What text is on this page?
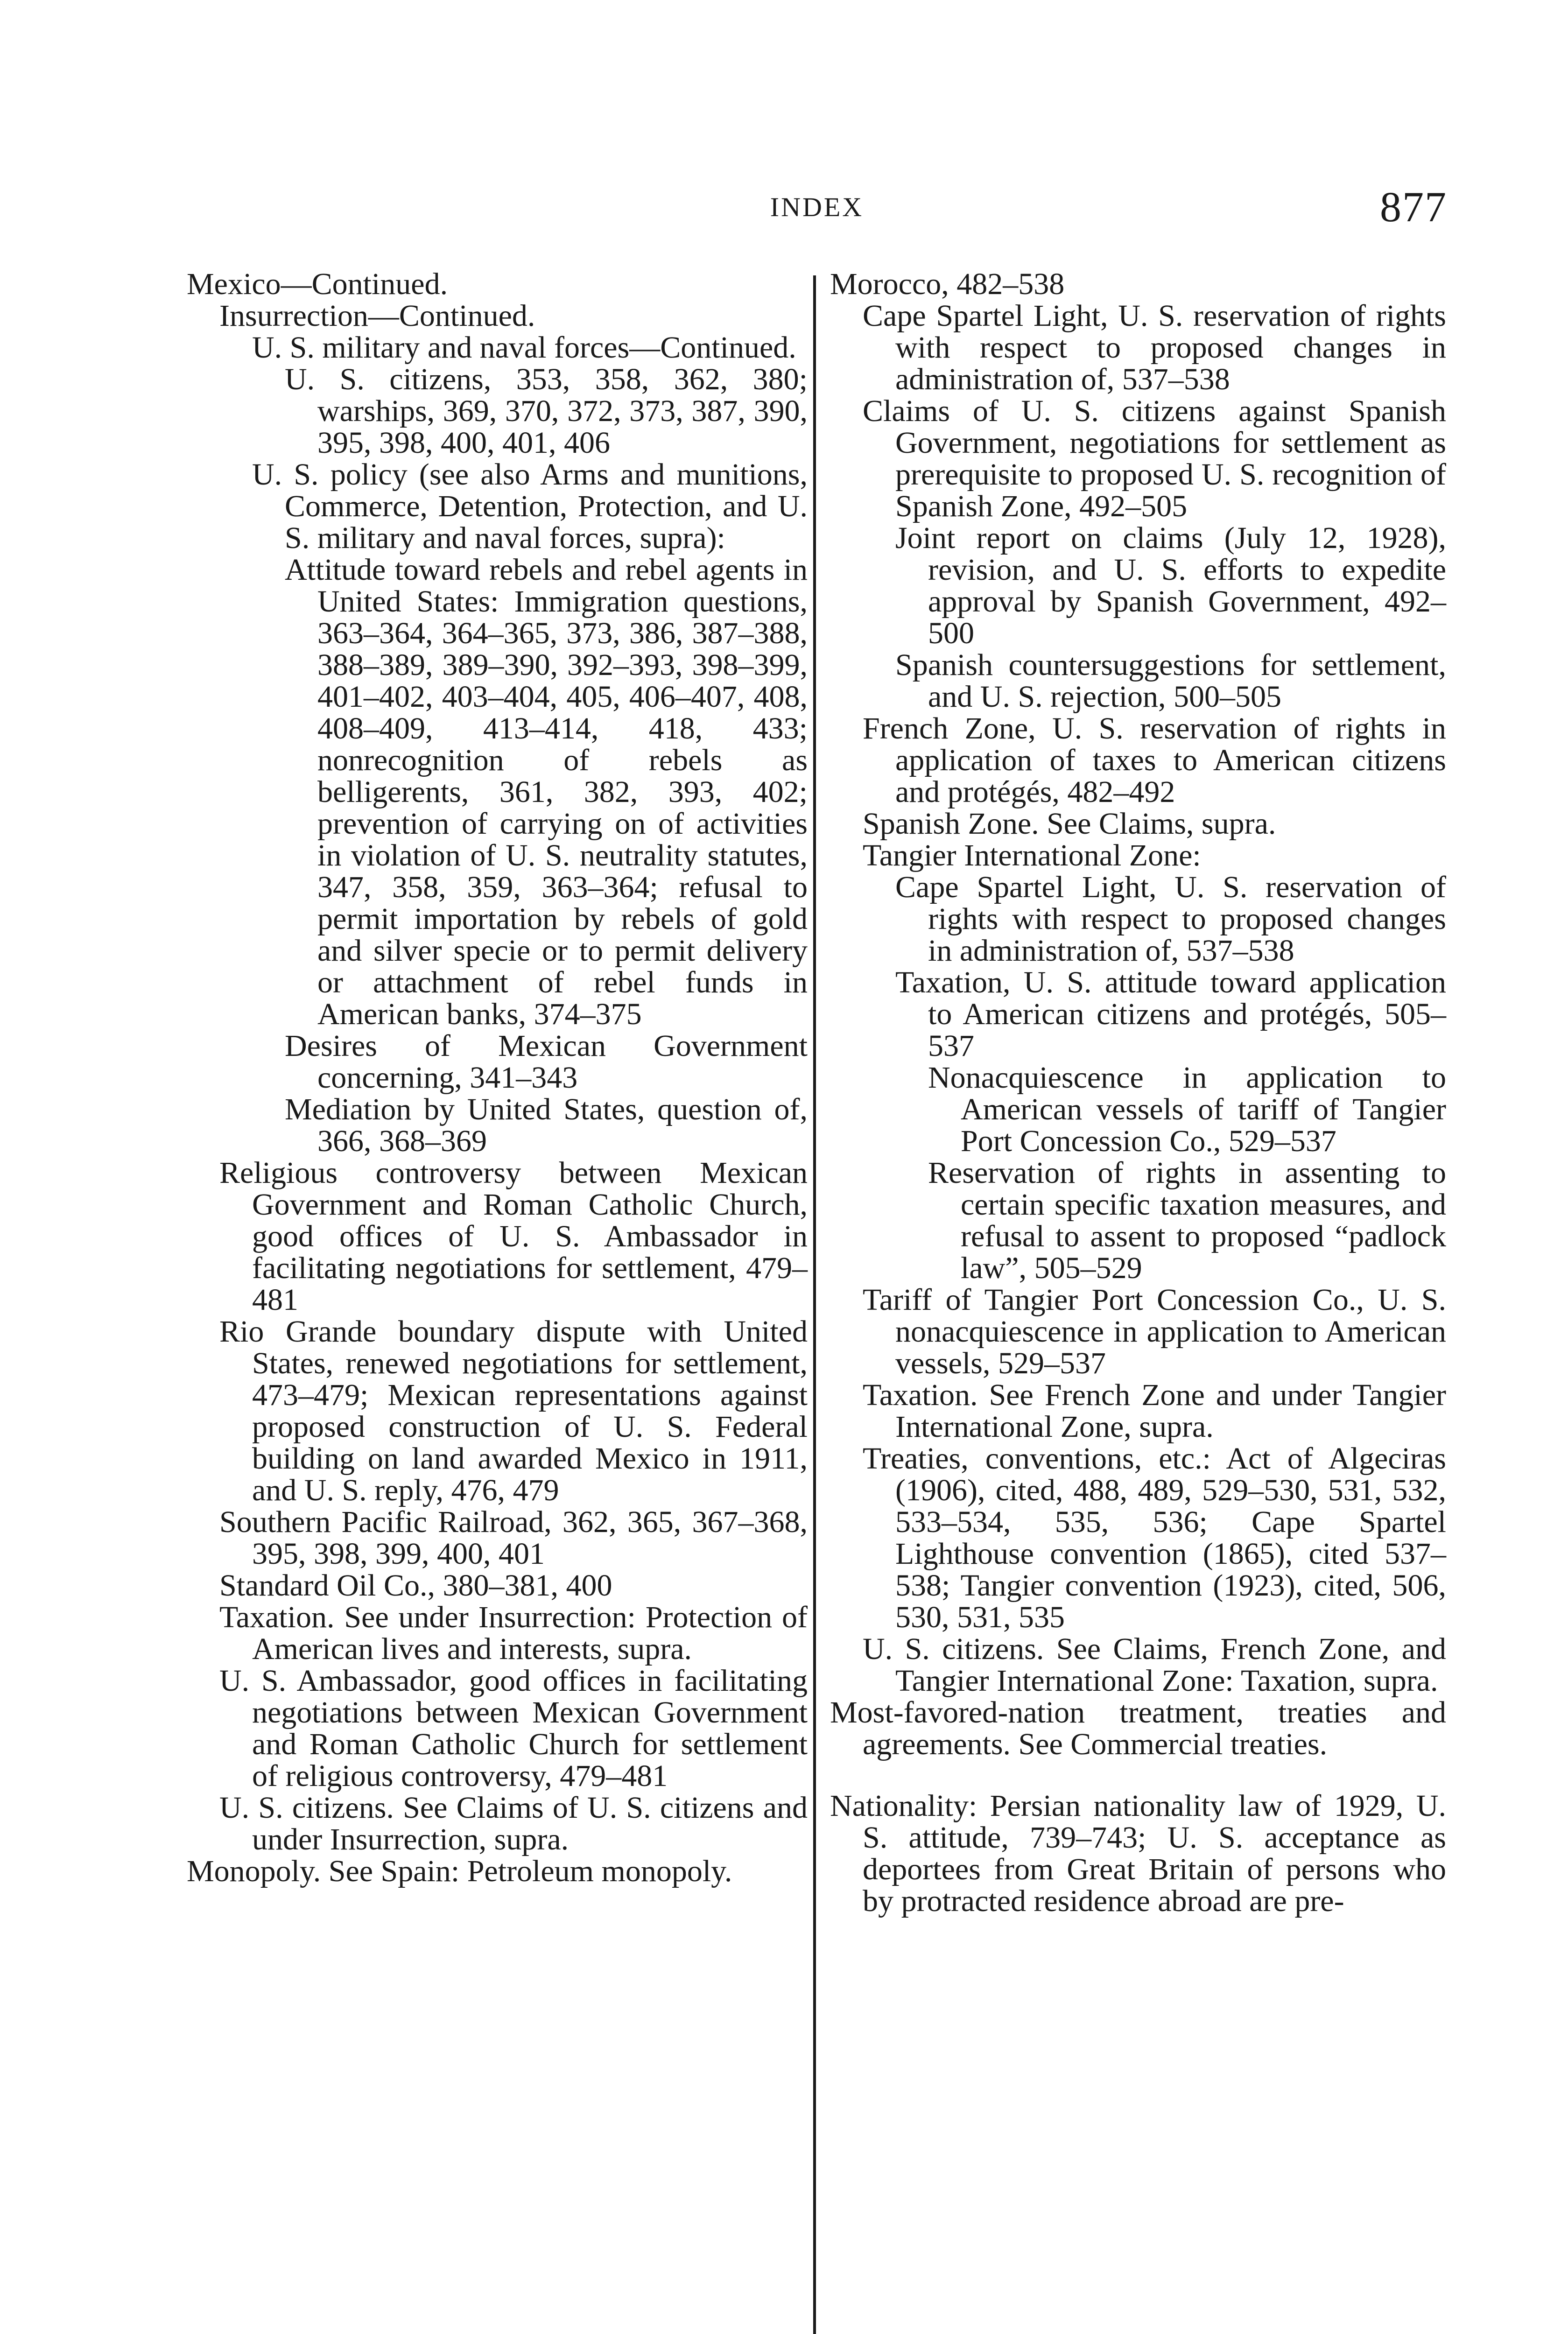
INDEX	877

Mexico—Continued.

Insurrection—Continued.

U. S. military and naval forces—Continued.

U. S. citizens, 353, 358, 362, 380; warships, 369, 370, 372, 373, 387, 390, 395, 398, 400, 401, 406

U. S. policy (see also Arms and munitions, Commerce, Detention, Protection, and U. S. military and naval forces, supra):

Attitude toward rebels and rebel agents in United States: Immigration questions, 363–364, 364–365, 373, 386, 387–388, 388–389, 389–390, 392–393, 398–399, 401–402, 403–404, 405, 406–407, 408, 408–409, 413–414, 418, 433; nonrecognition of rebels as belligerents, 361, 382, 393, 402; prevention of carrying on of activities in violation of U. S. neutrality statutes, 347, 358, 359, 363–364; refusal to permit importation by rebels of gold and silver specie or to permit delivery or attachment of rebel funds in American banks, 374–375

Desires of Mexican Government concerning, 341–343

Mediation by United States, question of, 366, 368–369

Religious controversy between Mexican Government and Roman Catholic Church, good offices of U. S. Ambassador in facilitating negotiations for settlement, 479–481

Rio Grande boundary dispute with United States, renewed negotiations for settlement, 473–479; Mexican representations against proposed construction of U. S. Federal building on land awarded Mexico in 1911, and U. S. reply, 476, 479

Southern Pacific Railroad, 362, 365, 367–368, 395, 398, 399, 400, 401

Standard Oil Co., 380–381, 400

Taxation. See under Insurrection: Protection of American lives and interests, supra.

U. S. Ambassador, good offices in facilitating negotiations between Mexican Government and Roman Catholic Church for settlement of religious controversy, 479–481

U. S. citizens. See Claims of U. S. citizens and under Insurrection, supra.

Monopoly. See Spain: Petroleum monopoly.

Morocco, 482–538

Cape Spartel Light, U. S. reservation of rights with respect to proposed changes in administration of, 537–538

Claims of U. S. citizens against Spanish Government, negotiations for settlement as prerequisite to proposed U. S. recognition of Spanish Zone, 492–505

Joint report on claims (July 12, 1928), revision, and U. S. efforts to expedite approval by Spanish Government, 492–500

Spanish countersuggestions for settlement, and U. S. rejection, 500–505

French Zone, U. S. reservation of rights in application of taxes to American citizens and protégés, 482–492

Spanish Zone. See Claims, supra.

Tangier International Zone:

Cape Spartel Light, U. S. reservation of rights with respect to proposed changes in administration of, 537–538

Taxation, U. S. attitude toward application to American citizens and protégés, 505–537

Nonacquiescence in application to American vessels of tariff of Tangier Port Concession Co., 529–537

Reservation of rights in assenting to certain specific taxation measures, and refusal to assent to proposed “padlock law”, 505–529

Tariff of Tangier Port Concession Co., U. S. nonacquiescence in application to American vessels, 529–537

Taxation. See French Zone and under Tangier International Zone, supra.

Treaties, conventions, etc.: Act of Algeciras (1906), cited, 488, 489, 529–530, 531, 532, 533–534, 535, 536; Cape Spartel Lighthouse convention (1865), cited 537–538; Tangier convention (1923), cited, 506, 530, 531, 535

U. S. citizens. See Claims, French Zone, and Tangier International Zone: Taxation, supra.

Most-favored-nation treatment, treaties and agreements. See Commercial treaties.

Nationality: Persian nationality law of 1929, U. S. attitude, 739–743; U. S. acceptance as deportees from Great Britain of persons who by protracted residence abroad are pre-
